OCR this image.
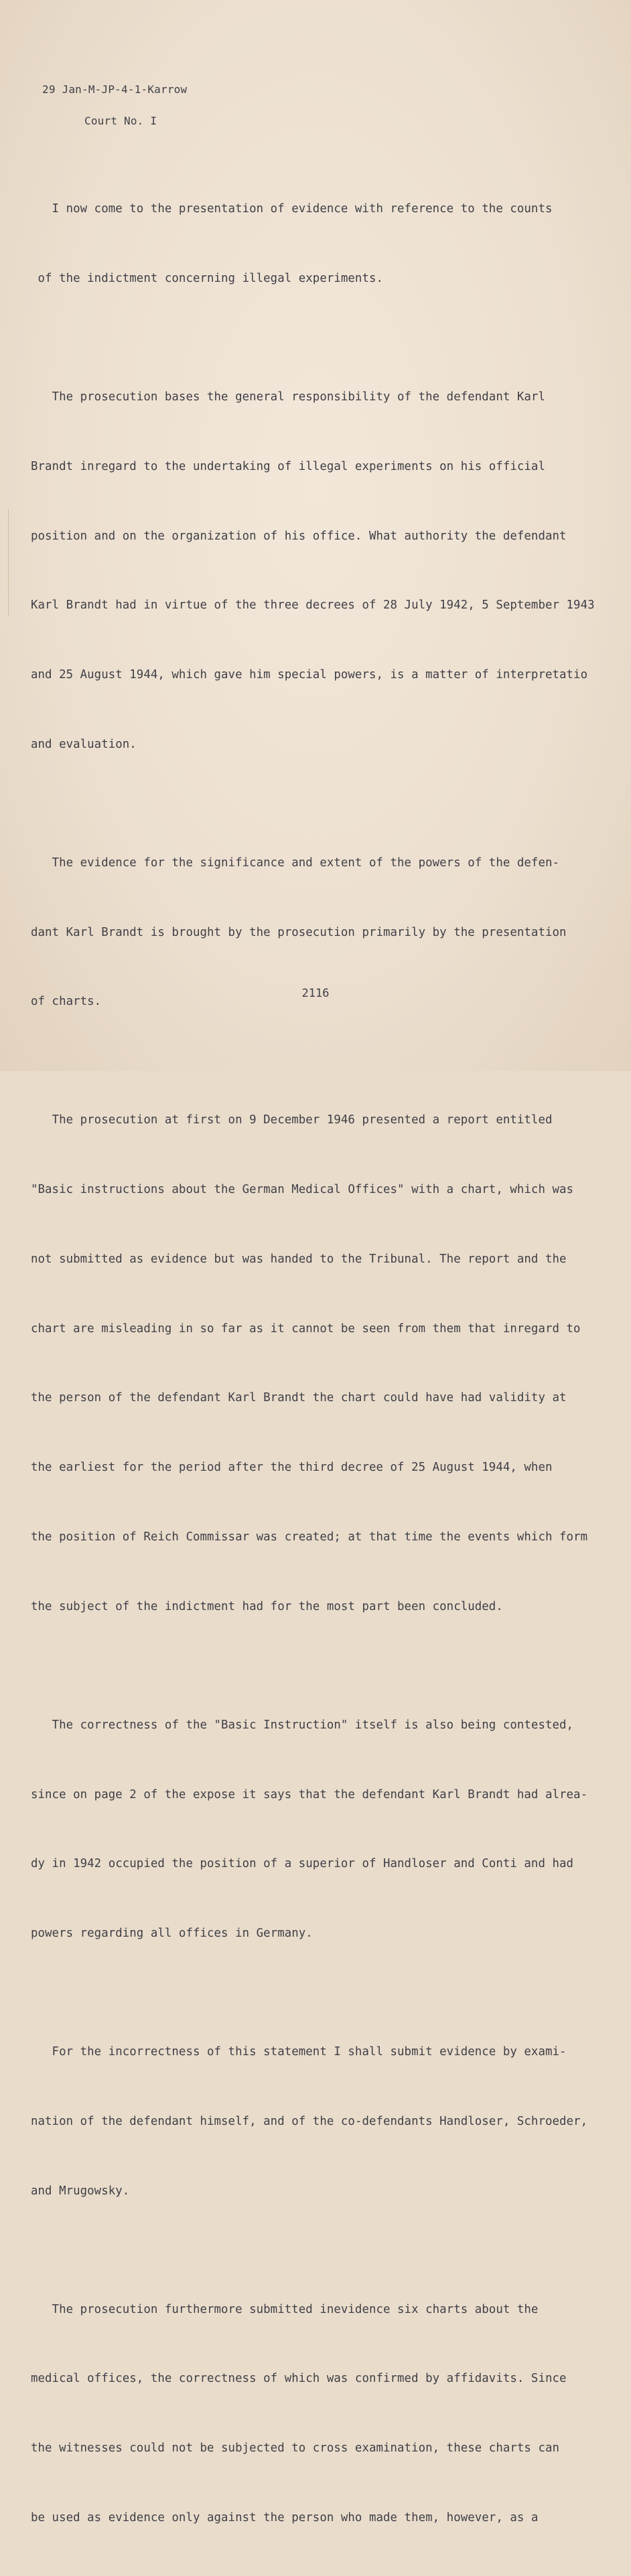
29 Jan-M-JP-4-1-Karrow
Court No. I

I now come to the presentation of evidence with reference to the counts

of the indictment concerning illegal experiments.

The prosecution bases the general responsibility of the defendant Karl

Brandt inregard to the undertaking of illegal experiments on his official

position and on the organization of his office. What authority the defendant

Karl Brandt had in virtue of the three decrees of 28 July 1942, 5 September 1943

and 25 August 1944, which gave him special powers, is a matter of interpretatio

and evaluation.

The evidence for the significance and extent of the powers of the defen-

dant Karl Brandt is brought by the prosecution primarily by the presentation

of charts.

The prosecution at first on 9 December 1946 presented a report entitled

"Basic instructions about the German Medical Offices" with a chart, which was

not submitted as evidence but was handed to the Tribunal. The report and the

chart are misleading in so far as it cannot be seen from them that inregard to

the person of the defendant Karl Brandt the chart could have had validity at

the earliest for the period after the third decree of 25 August 1944, when

the position of Reich Commissar was created; at that time the events which form

the subject of the indictment had for the most part been concluded.

The correctness of the "Basic Instruction" itself is also being contested,

since on page 2 of the expose it says that the defendant Karl Brandt had alrea-

dy in 1942 occupied the position of a superior of Handloser and Conti and had

powers regarding all offices in Germany.

For the incorrectness of this statement I shall submit evidence by exami-

nation of the defendant himself, and of the co-defendants Handloser, Schroeder,

and Mrugowsky.

The prosecution furthermore submitted inevidence six charts about the

medical offices, the correctness of which was confirmed by affidavits. Since

the witnesses could not be subjected to cross examination, these charts can

be used as evidence only against the person who made them, however, as a

2116
